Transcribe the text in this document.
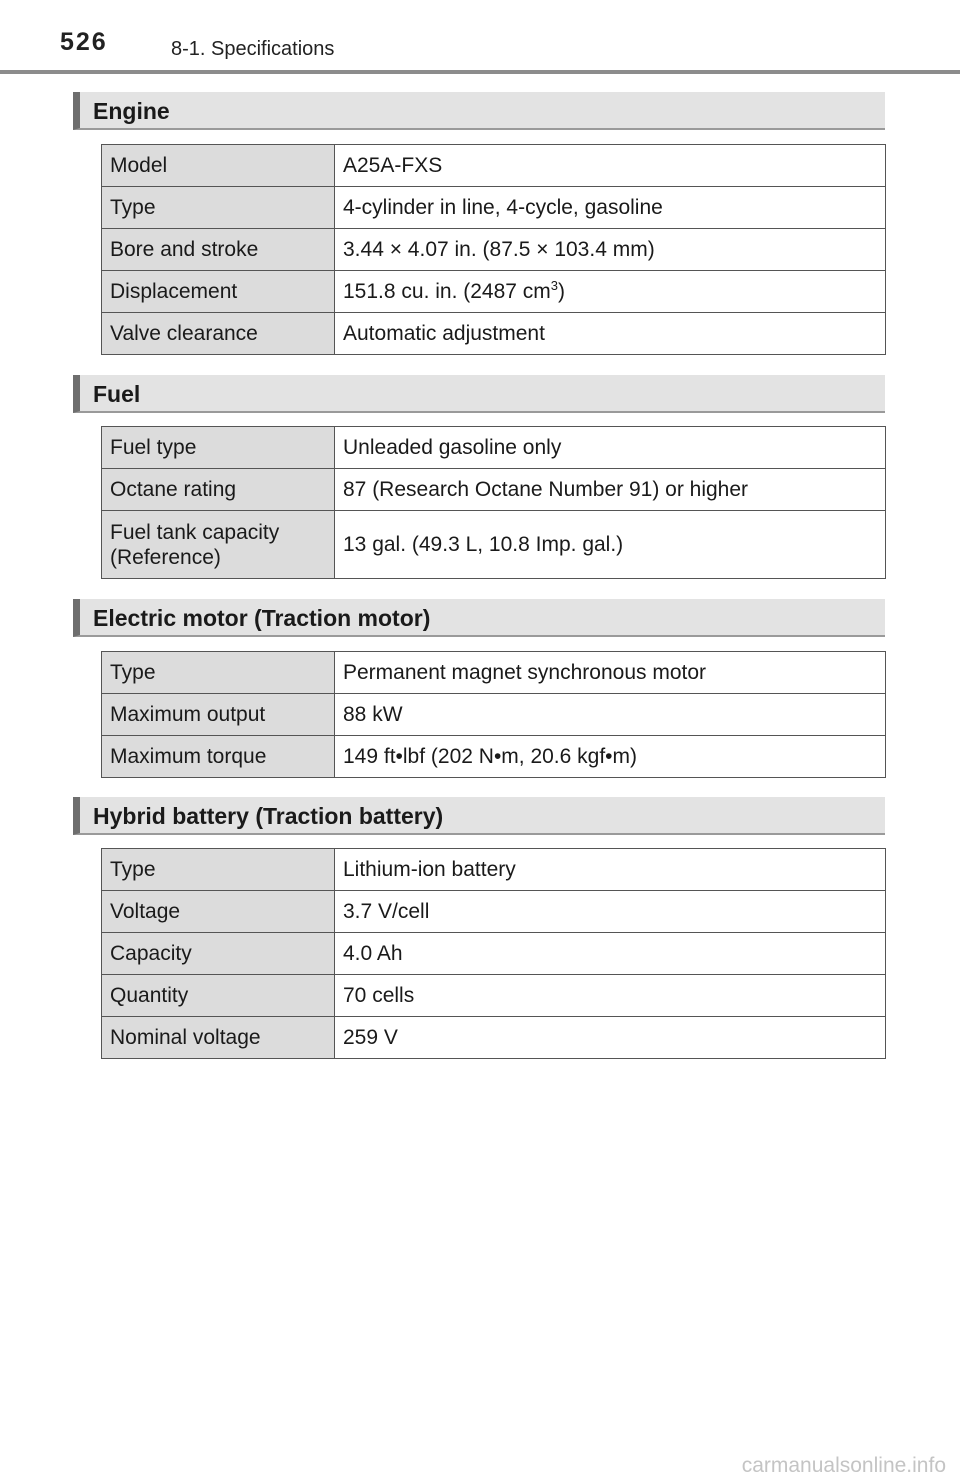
526	8-1. Specifications
Engine
Model	A25A-FXS
Type	4-cylinder in line, 4-cycle, gasoline
Bore and stroke	3.44 × 4.07 in. (87.5 × 103.4 mm)
Displacement	151.8 cu. in. (2487 $cm^3$)
Valve clearance	Automatic adjustment
Fuel
Fuel type	Unleaded gasoline only
Octane rating	87 (Research Octane Number 91) or higher
Fuel tank capacity
(Reference)	13 gal. (49.3 L, 10.8 Imp. gal.)
Electric motor (Traction motor)
Type	Permanent magnet synchronous motor
Maximum output	88 kW
Maximum torque	149 ft•lbf (202 N•m, 20.6 kgf•m)
Hybrid battery (Traction battery)
Type	Lithium-ion battery
Voltage	3.7 V/cell
Capacity	4.0 Ah
Quantity	70 cells
Nominal voltage	259 V
carmanualsonline.info
